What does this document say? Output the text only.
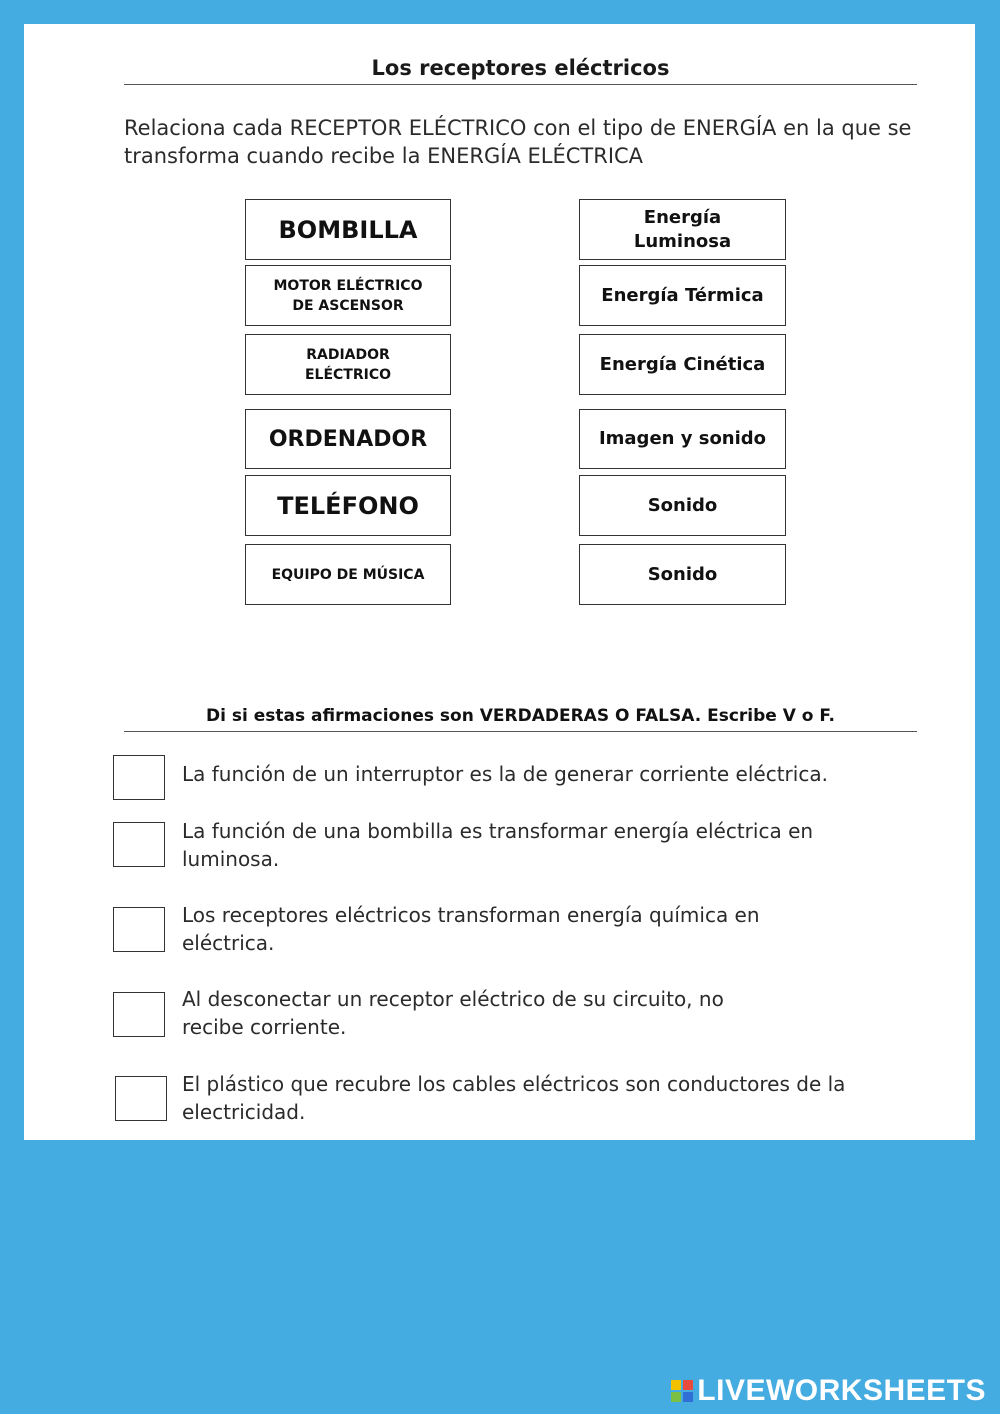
Los receptores eléctricos
Relaciona cada RECEPTOR ELÉCTRICO con el tipo de ENERGÍA en la que se transforma cuando recibe la ENERGÍA ELÉCTRICA
BOMBILLA
MOTOR ELÉCTRICO DE ASCENSOR
RADIADOR ELÉCTRICO
ORDENADOR
TELÉFONO
EQUIPO DE MÚSICA
Energía Luminosa
Energía Térmica
Energía Cinética
Imagen y sonido
Sonido
Sonido
Di si estas afirmaciones son VERDADERAS O FALSA. Escribe V o F.
La función de un interruptor es la de generar corriente eléctrica.
La función de una bombilla es transformar energía eléctrica en luminosa.
Los receptores eléctricos transforman energía química en eléctrica.
Al desconectar un receptor eléctrico de su circuito, no recibe corriente.
El plástico que recubre los cables eléctricos son conductores de la electricidad.
LIVEWORKSHEETS
